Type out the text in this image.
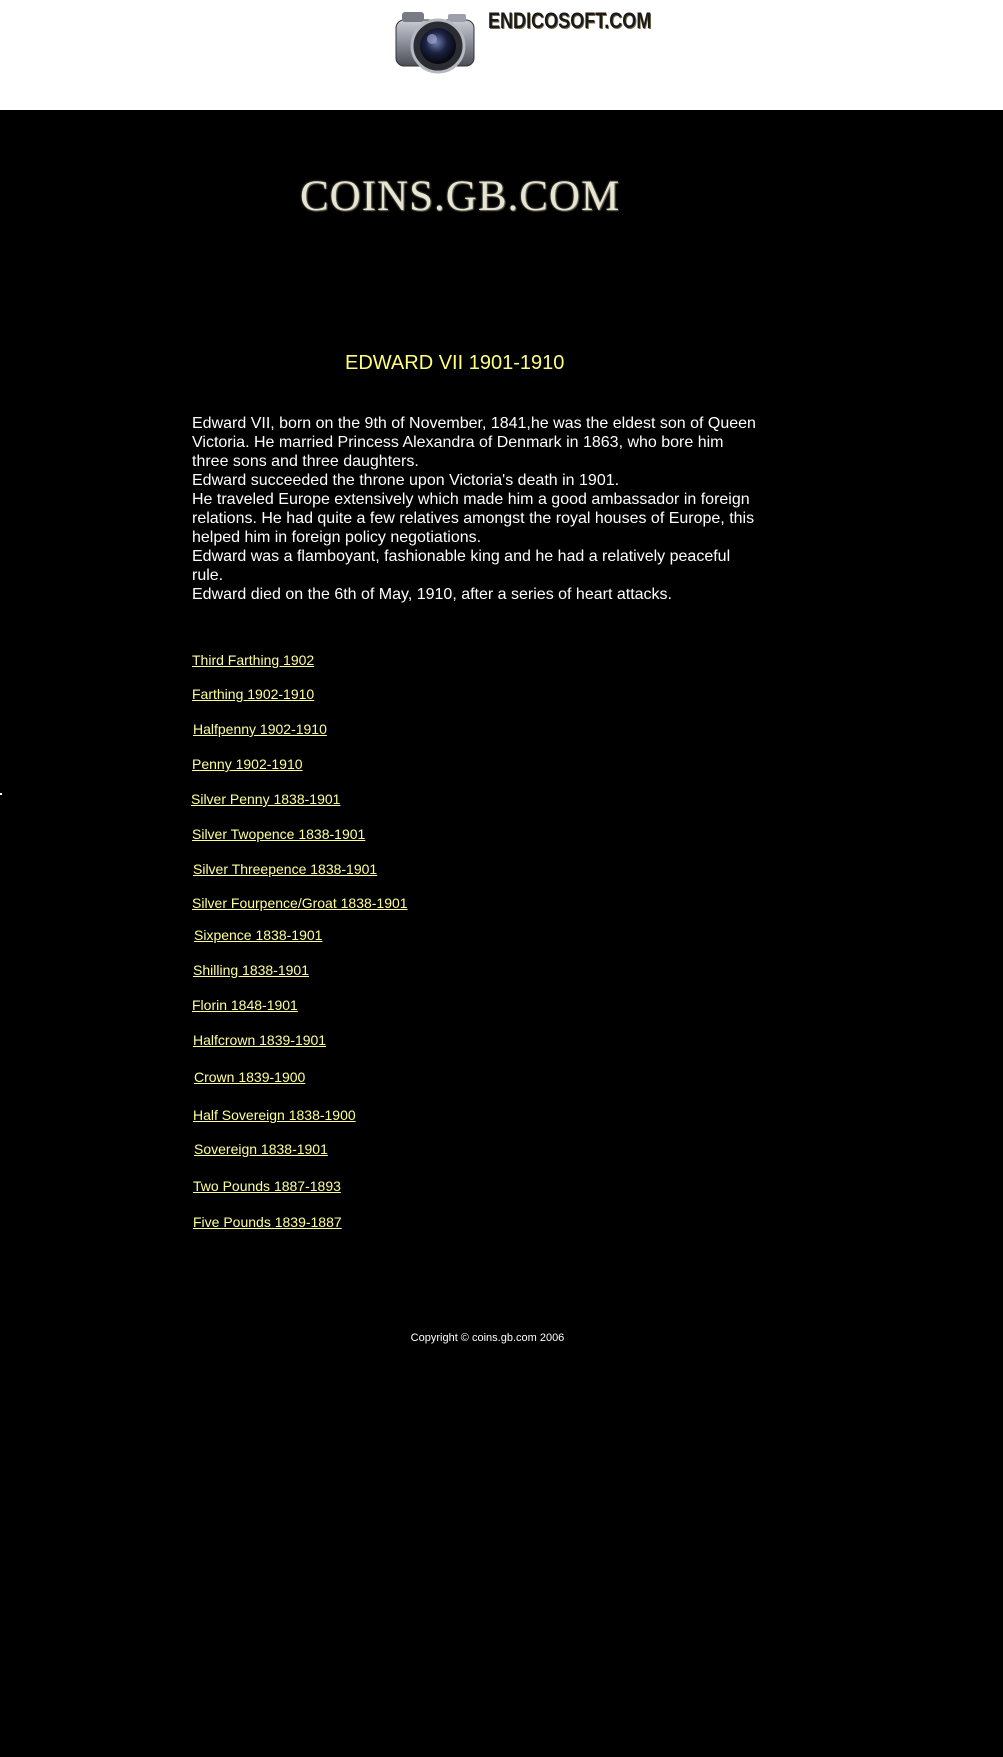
ENDICOSOFT.COM
COINS.GB.COM
EDWARD VII 1901-1910

Edward VII, born on the 9th of November, 1841,he was the eldest son of Queen Victoria. He married Princess Alexandra of Denmark in 1863, who bore him three sons and three daughters.

Edward succeeded the throne upon Victoria's death in 1901.

He traveled Europe extensively which made him a good ambassador in foreign relations. He had quite a few relatives amongst the royal houses of Europe, this helped him in foreign policy negotiations.

Edward was a flamboyant, fashionable king and he had a relatively peaceful rule.

Edward died on the 6th of May, 1910, after a series of heart attacks.

Third Farthing 1902
Farthing 1902-1910
Halfpenny 1902-1910
Penny 1902-1910
Silver Penny 1838-1901
Silver Twopence 1838-1901
Silver Threepence 1838-1901
Silver Fourpence/Groat 1838-1901
Sixpence 1838-1901
Shilling 1838-1901
Florin 1848-1901
Halfcrown 1839-1901
Crown 1839-1900
Half Sovereign 1838-1900
Sovereign 1838-1901
Two Pounds 1887-1893
Five Pounds 1839-1887
Copyright © coins.gb.com 2006
